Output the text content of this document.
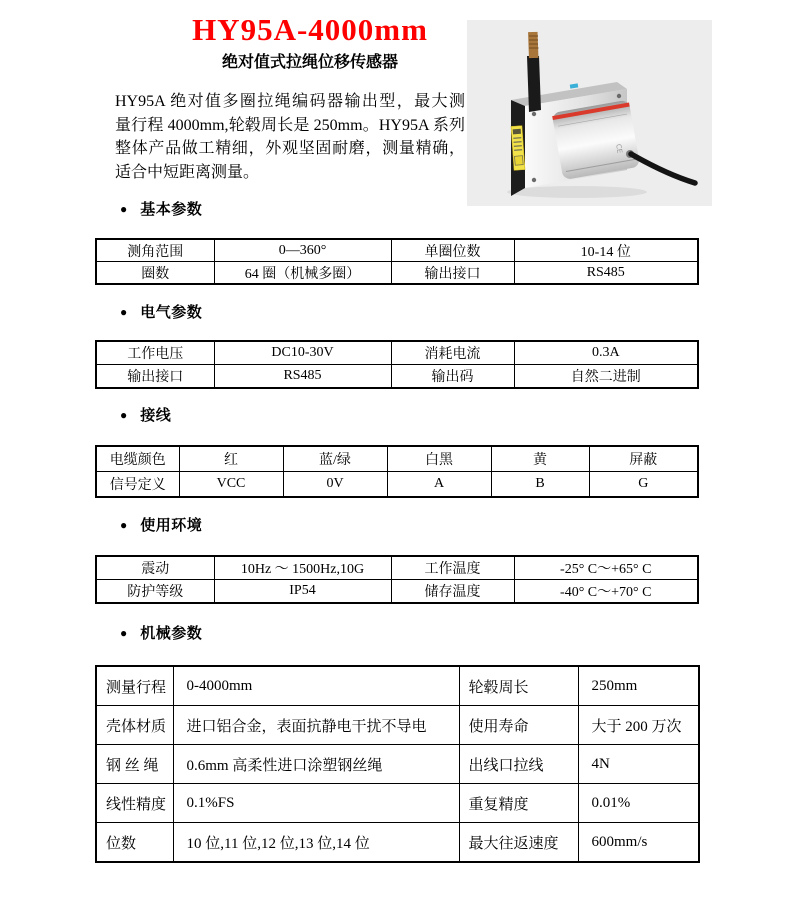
HY95A-4000mm
绝对值式拉绳位移传感器
HY95A 绝对值多圈拉绳编码器输出型，最大测
量行程 4000mm,轮毂周长是 250mm。HY95A 系列
整体产品做工精细，外观坚固耐磨，测量精确，
适合中短距离测量。
CE
● 基本参数
测角范围	0—360°	单圈位数	10-14 位
圈数	64 圈（机械多圈）	输出接口	RS485
● 电气参数
工作电压	DC10-30V	消耗电流	0.3A
输出接口	RS485	输出码	自然二进制
● 接线
电缆颜色	红	蓝/绿	白黑	黄	屏蔽
信号定义	VCC	0V	A	B	G
● 使用环境
震动	10Hz ～ 1500Hz,10G	工作温度	-25° C～+65° C
防护等级	IP54	储存温度	-40° C～+70° C
● 机械参数
测量行程	0-4000mm	轮毂周长	250mm
壳体材质	进口铝合金，表面抗静电干扰不导电	使用寿命	大于 200 万次
钢 丝 绳	0.6mm 高柔性进口涂塑钢丝绳	出线口拉线	4N
线性精度	0.1%FS	重复精度	0.01%
位数	10 位,11 位,12 位,13 位,14 位	最大往返速度	600mm/s
